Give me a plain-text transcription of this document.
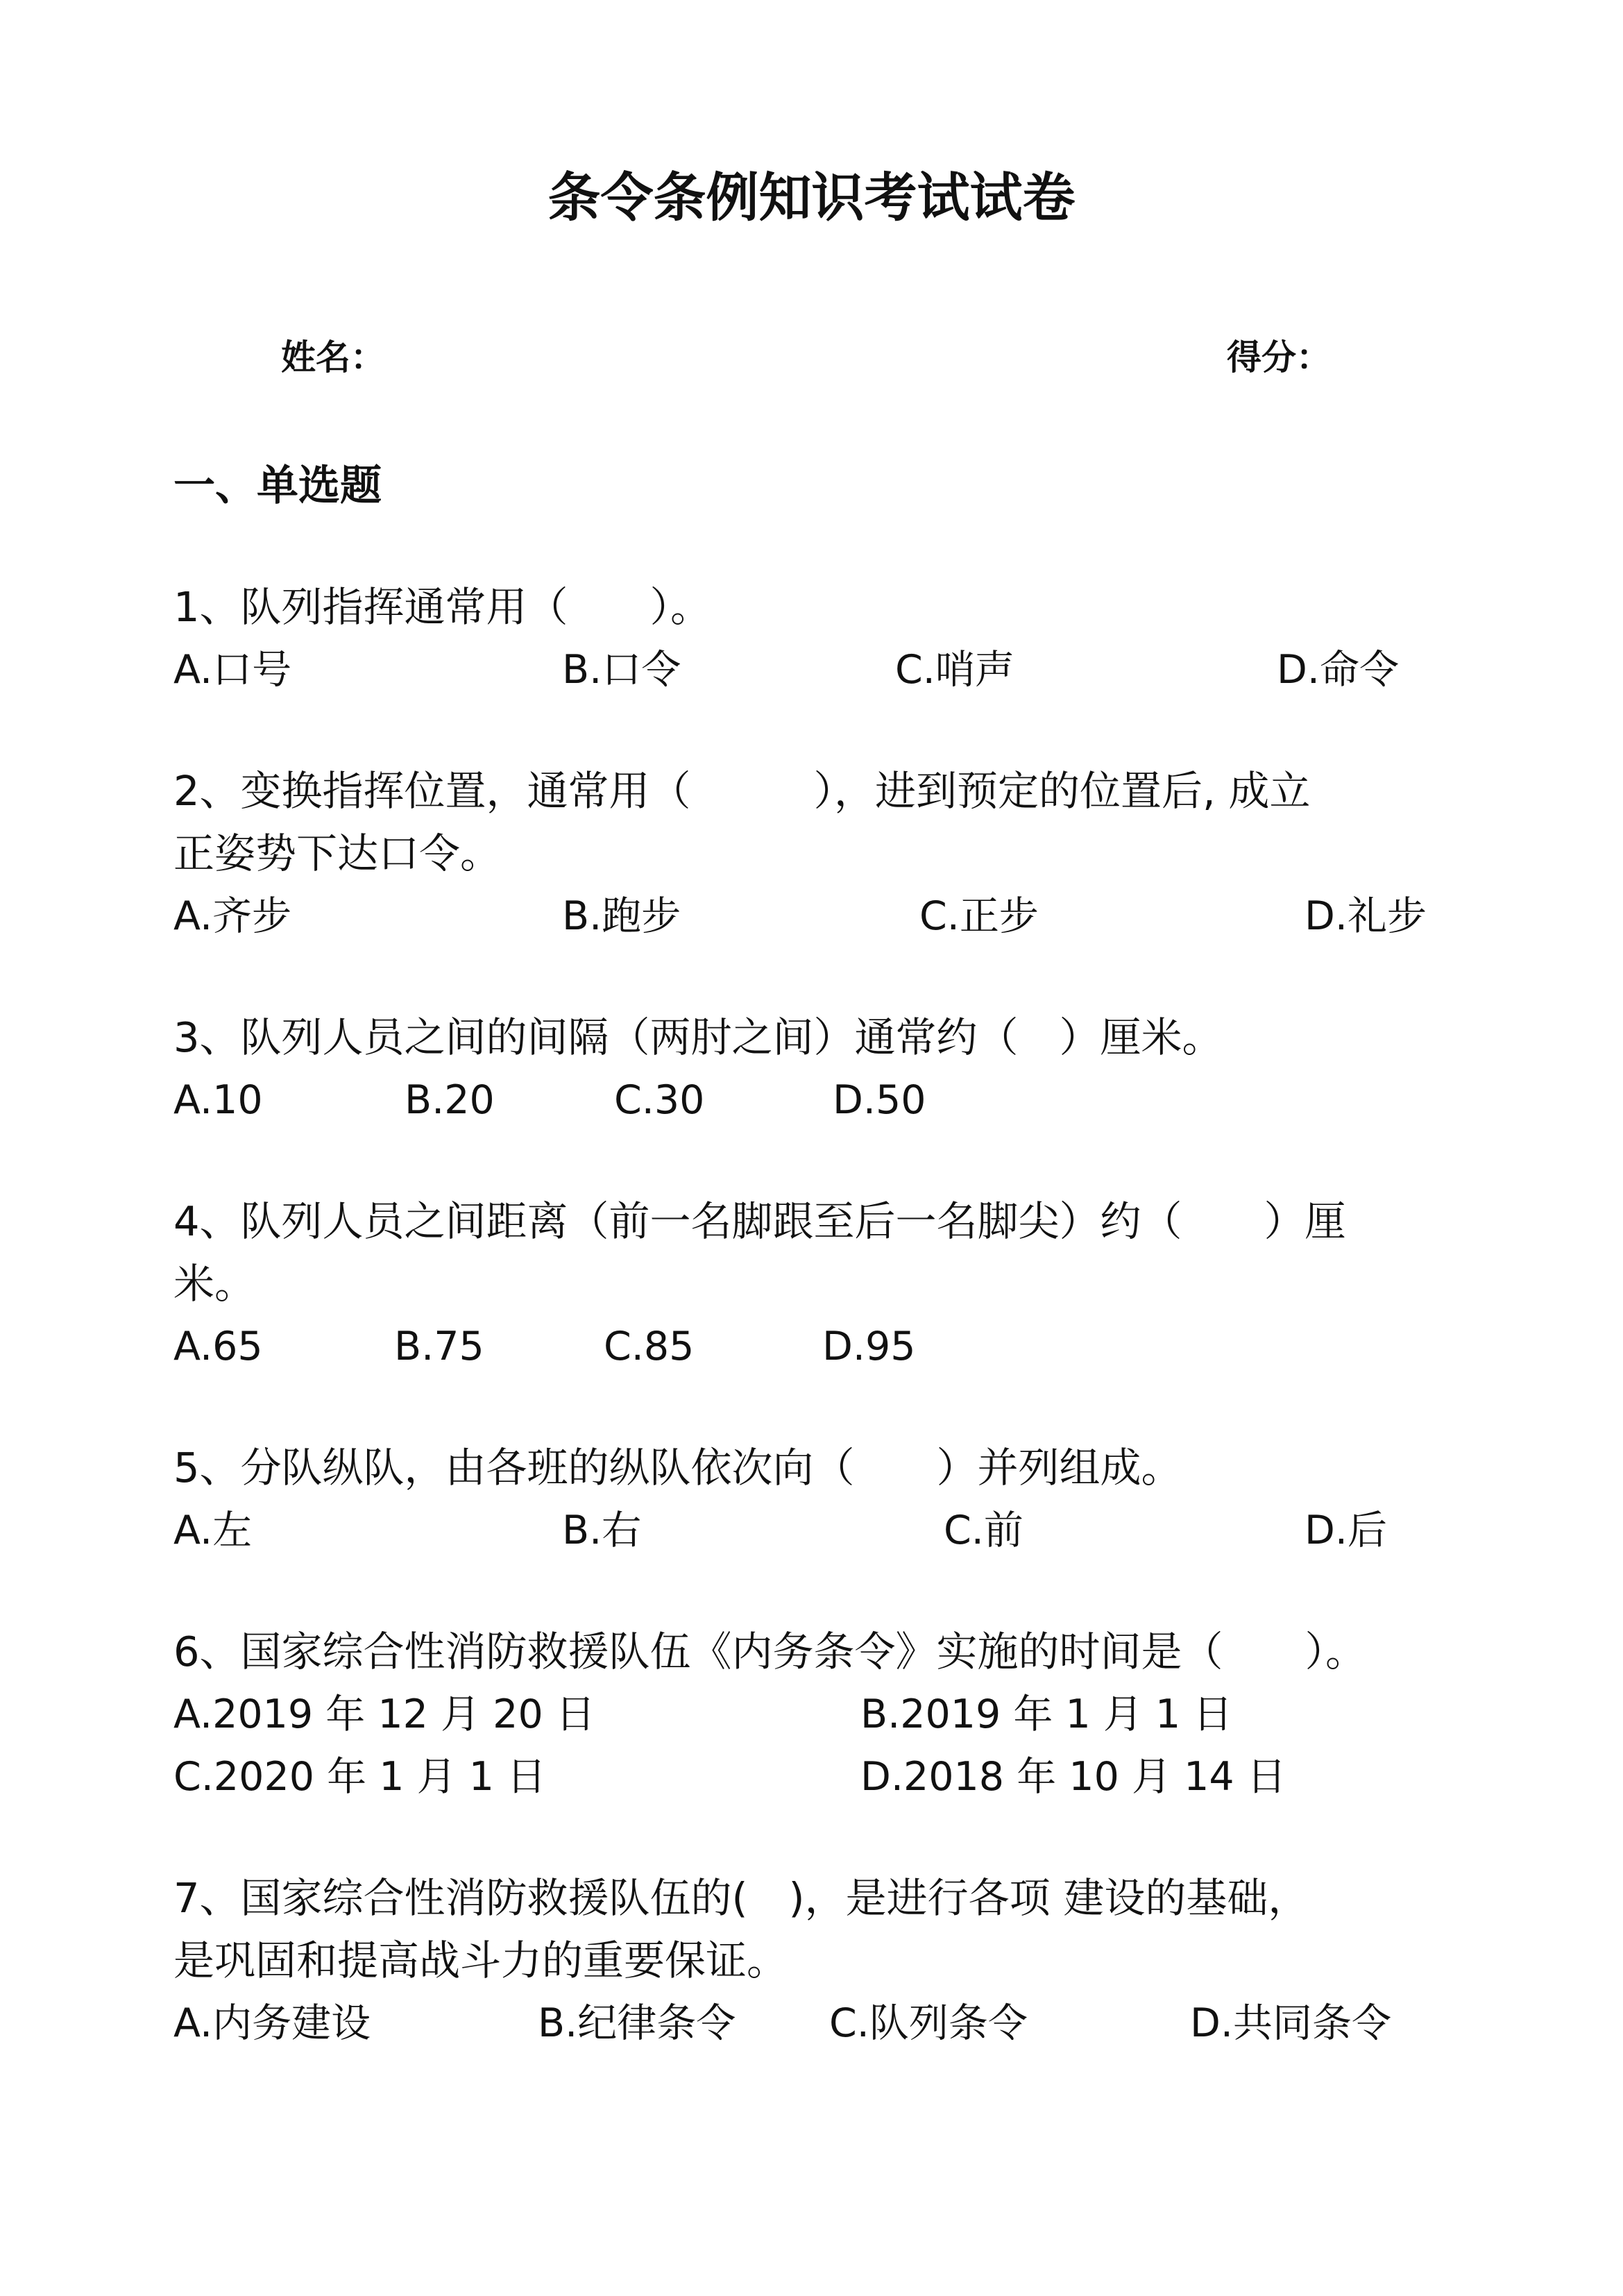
条令条例知识考试试卷
姓名：	得分：
一、单选题
1、队列指挥通常用（　　）。
A.口号	B.口令	C.哨声	D.命令
2、变换指挥位置，通常用（　　　），进到预定的位置后, 成立
正姿势下达口令。
A.齐步	B.跑步	C.正步	D.礼步
3、队列人员之间的间隔（两肘之间）通常约（　）厘米。
A.10	B.20	C.30	D.50
4、队列人员之间距离（前一名脚跟至后一名脚尖）约（　　）厘
米。
A.65	B.75	C.85	D.95
5、分队纵队，由各班的纵队依次向（　　）并列组成。
A.左	B.右	C.前	D.后
6、国家综合性消防救援队伍《内务条令》实施的时间是（　　）。
A.2019 年 12 月 20 日	B.2019 年 1 月 1 日
C.2020 年 1 月 1 日	D.2018 年 10 月 14 日
7、国家综合性消防救援队伍的(　)，是进行各项 建设的基础，
是巩固和提高战斗力的重要保证。
A.内务建设	B.纪律条令 C.队列条令	D.共同条令
